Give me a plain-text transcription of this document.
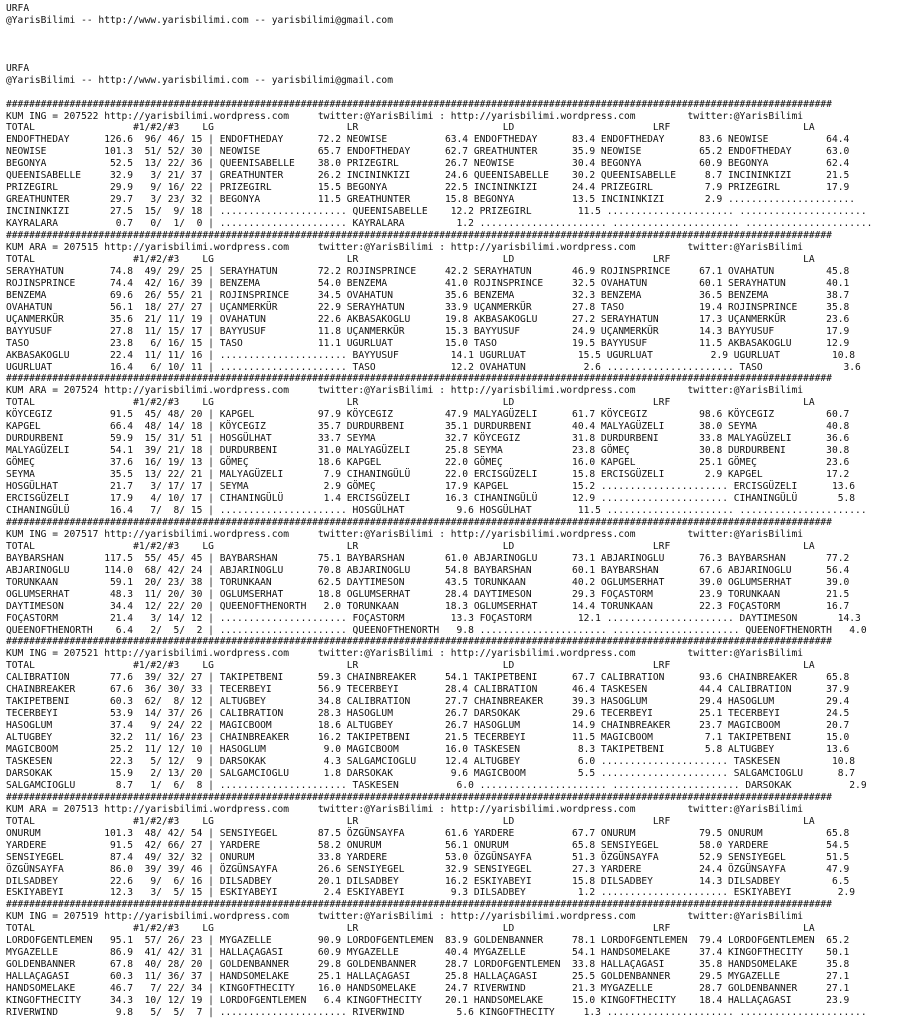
URFA
@YarisBilimi -- http://www.yarisbilimi.com -- yarisbilimi@gmail.com
URFA
@YarisBilimi -- http://www.yarisbilimi.com -- yarisbilimi@gmail.com
###############################################################################################################################################
KUM ING = 207522 http://yarisbilimi.wordpress.com     twitter:@YarisBilimi : http://yarisbilimi.wordpress.com         twitter:@YarisBilimi
TOTAL                 #1/#2/#3    LG                       LR                         LD                        LRF                       LA
ENDOFTHEDAY      126.6  96/ 46/ 15 | ENDOFTHEDAY      72.2 NEOWISE          63.4 ENDOFTHEDAY      83.4 ENDOFTHEDAY      83.6 NEOWISE          64.4
NEOWISE          101.3  51/ 52/ 30 | NEOWISE          65.7 ENDOFTHEDAY      62.7 GREATHUNTER      35.9 NEOWISE          65.2 ENDOFTHEDAY      63.0
BEGONYA           52.5  13/ 22/ 36 | QUEENISABELLE    38.0 PRIZEGIRL        26.7 NEOWISE          30.4 BEGONYA          60.9 BEGONYA          62.4
QUEENISABELLE     32.9   3/ 21/ 37 | GREATHUNTER      26.2 INCININKIZI      24.6 QUEENISABELLE    30.2 QUEENISABELLE     8.7 INCININKIZI      21.5
PRIZEGIRL         29.9   9/ 16/ 22 | PRIZEGIRL        15.5 BEGONYA          22.5 INCININKIZI      24.4 PRIZEGIRL         7.9 PRIZEGIRL        17.9
GREATHUNTER       29.7   3/ 23/ 32 | BEGONYA          11.5 GREATHUNTER      15.8 BEGONYA          13.5 INCININKIZI       2.9 ......................
INCININKIZI       27.5  15/  9/ 18 | ...................... QUEENISABELLE    12.2 PRIZEGIRL        11.5 ...................... ......................
KAYRALARA          0.7   0/  1/  0 | ...................... KAYRALARA         1.2 ...................... ...................... ......................
###############################################################################################################################################
KUM ARA = 207515 http://yarisbilimi.wordpress.com     twitter:@YarisBilimi : http://yarisbilimi.wordpress.com         twitter:@YarisBilimi
TOTAL                 #1/#2/#3    LG                       LR                         LD                        LRF                       LA
SERAYHATUN        74.8  49/ 29/ 25 | SERAYHATUN       72.2 ROJINSPRINCE     42.2 SERAYHATUN       46.9 ROJINSPRINCE     67.1 OVAHATUN         45.8
ROJINSPRINCE      74.4  42/ 16/ 39 | BENZEMA          54.0 BENZEMA          41.0 ROJINSPRINCE     32.5 OVAHATUN         60.1 SERAYHATUN       40.1
BENZEMA           69.6  26/ 55/ 21 | ROJINSPRINCE     34.5 OVAHATUN         35.6 BENZEMA          32.3 BENZEMA          36.5 BENZEMA          38.7
OVAHATUN          56.1  18/ 27/ 27 | UÇANMERKÜR       22.9 SERAYHATUN       33.9 UÇANMERKÜR       27.8 TASO             19.4 ROJINSPRINCE     35.8
UÇANMERKÜR        35.6  21/ 11/ 19 | OVAHATUN         22.6 AKBASAKOGLU      19.8 AKBASAKOGLU      27.2 SERAYHATUN       17.3 UÇANMERKÜR       23.6
BAYYUSUF          27.8  11/ 15/ 17 | BAYYUSUF         11.8 UÇANMERKÜR       15.3 BAYYUSUF         24.9 UÇANMERKÜR       14.3 BAYYUSUF         17.9
TASO              23.8   6/ 16/ 15 | TASO             11.1 UGURLUAT         15.0 TASO             19.5 BAYYUSUF         11.5 AKBASAKOGLU      12.9
AKBASAKOGLU       22.4  11/ 11/ 16 | ...................... BAYYUSUF         14.1 UGURLUAT         15.5 UGURLUAT          2.9 UGURLUAT         10.8
UGURLUAT          16.4   6/ 10/ 11 | ...................... TASO             12.2 OVAHATUN          2.6 ...................... TASO              3.6
###############################################################################################################################################
KUM ARA = 207524 http://yarisbilimi.wordpress.com     twitter:@YarisBilimi : http://yarisbilimi.wordpress.com         twitter:@YarisBilimi
TOTAL                 #1/#2/#3    LG                       LR                         LD                        LRF                       LA
KÖYCEGIZ          91.5  45/ 48/ 20 | KAPGEL           97.9 KÖYCEGIZ         47.9 MALYAGÜZELI      61.7 KÖYCEGIZ         98.6 KÖYCEGIZ         60.7
KAPGEL            66.4  48/ 14/ 18 | KÖYCEGIZ         35.7 DURDURBENI       35.1 DURDURBENI       40.4 MALYAGÜZELI      38.0 SEYMA            40.8
DURDURBENI        59.9  15/ 31/ 51 | HOSGÜLHAT        33.7 SEYMA            32.7 KÖYCEGIZ         31.8 DURDURBENI       33.8 MALYAGÜZELI      36.6
MALYAGÜZELI       54.1  39/ 21/ 18 | DURDURBENI       31.0 MALYAGÜZELI      25.8 SEYMA            23.8 GÖMEÇ            30.8 DURDURBENI       30.8
GÖMEÇ             37.6  16/ 19/ 13 | GÖMEÇ            18.6 KAPGEL           22.0 GÖMEÇ            16.0 KAPGEL           25.1 GÖMEÇ            23.6
SEYMA             35.5  13/ 22/ 21 | MALYAGÜZELI       7.9 CIHANINGÜLÜ      22.0 ERCISGÜZELI      15.8 ERCISGÜZELI       2.9 KAPGEL           17.2
HOSGÜLHAT         21.7   3/ 17/ 17 | SEYMA             2.9 GÖMEÇ            17.9 KAPGEL           15.2 ...................... ERCISGÜZELI      13.6
ERCISGÜZELI       17.9   4/ 10/ 17 | CIHANINGÜLÜ       1.4 ERCISGÜZELI      16.3 CIHANINGÜLÜ      12.9 ...................... CIHANINGÜLÜ       5.8
CIHANINGÜLÜ       16.4   7/  8/ 15 | ...................... HOSGÜLHAT         9.6 HOSGÜLHAT        11.5 ...................... ......................
###############################################################################################################################################
KUM ING = 207517 http://yarisbilimi.wordpress.com     twitter:@YarisBilimi : http://yarisbilimi.wordpress.com         twitter:@YarisBilimi
TOTAL                 #1/#2/#3    LG                       LR                         LD                        LRF                       LA
BAYBARSHAN       117.5  55/ 45/ 45 | BAYBARSHAN       75.1 BAYBARSHAN       61.0 ABJARINOGLU      73.1 ABJARINOGLU      76.3 BAYBARSHAN       77.2
ABJARINOGLU      114.0  68/ 42/ 24 | ABJARINOGLU      70.8 ABJARINOGLU      54.8 BAYBARSHAN       60.1 BAYBARSHAN       67.6 ABJARINOGLU      56.4
TORUNKAAN         59.1  20/ 23/ 38 | TORUNKAAN        62.5 DAYTIMESON       43.5 TORUNKAAN        40.2 OGLUMSERHAT      39.0 OGLUMSERHAT      39.0
OGLUMSERHAT       48.3  11/ 20/ 30 | OGLUMSERHAT      18.8 OGLUMSERHAT      28.4 DAYTIMESON       29.3 FOÇASTORM        23.9 TORUNKAAN        21.5
DAYTIMESON        34.4  12/ 22/ 20 | QUEENOFTHENORTH   2.0 TORUNKAAN        18.3 OGLUMSERHAT      14.4 TORUNKAAN        22.3 FOÇASTORM        16.7
FOÇASTORM         21.4   3/ 14/ 12 | ...................... FOÇASTORM        13.3 FOÇASTORM        12.1 ...................... DAYTIMESON       14.3
QUEENOFTHENORTH    6.4   2/  5/  2 | ...................... QUEENOFTHENORTH   9.8 ...................... ...................... QUEENOFTHENORTH   4.0
###############################################################################################################################################
KUM ING = 207521 http://yarisbilimi.wordpress.com     twitter:@YarisBilimi : http://yarisbilimi.wordpress.com         twitter:@YarisBilimi
TOTAL                 #1/#2/#3    LG                       LR                         LD                        LRF                       LA
CALIBRATION       77.6  39/ 32/ 27 | TAKIPETBENI      59.3 CHAINBREAKER     54.1 TAKIPETBENI      67.7 CALIBRATION      93.6 CHAINBREAKER     65.8
CHAINBREAKER      67.6  36/ 30/ 33 | TECERBEYI        56.9 TECERBEYI        28.4 CALIBRATION      46.4 TASKESEN         44.4 CALIBRATION      37.9
TAKIPETBENI       60.3  62/  8/ 12 | ALTUGBEY         34.8 CALIBRATION      27.7 CHAINBREAKER     39.3 HASOGLUM         29.4 HASOGLUM         29.4
TECERBEYI         53.9  14/ 37/ 26 | CALIBRATION      28.3 HASOGLUM         26.7 DARSOKAK         29.6 TECERBEYI        25.1 TECERBEYI        24.5
HASOGLUM          37.4   9/ 24/ 22 | MAGICBOOM        18.6 ALTUGBEY         26.7 HASOGLUM         14.9 CHAINBREAKER     23.7 MAGICBOOM        20.7
ALTUGBEY          32.2  11/ 16/ 23 | CHAINBREAKER     16.2 TAKIPETBENI      21.5 TECERBEYI        11.5 MAGICBOOM         7.1 TAKIPETBENI      15.0
MAGICBOOM         25.2  11/ 12/ 10 | HASOGLUM          9.0 MAGICBOOM        16.0 TASKESEN          8.3 TAKIPETBENI       5.8 ALTUGBEY         13.6
TASKESEN          22.3   5/ 12/  9 | DARSOKAK          4.3 SALGAMCIOGLU     12.4 ALTUGBEY          6.0 ...................... TASKESEN         10.8
DARSOKAK          15.9   2/ 13/ 20 | SALGAMCIOGLU      1.8 DARSOKAK          9.6 MAGICBOOM         5.5 ...................... SALGAMCIOGLU      8.7
SALGAMCIOGLU       8.7   1/  6/  8 | ...................... TASKESEN          6.0 ...................... ...................... DARSOKAK          2.9
###############################################################################################################################################
KUM ARA = 207513 http://yarisbilimi.wordpress.com     twitter:@YarisBilimi : http://yarisbilimi.wordpress.com         twitter:@YarisBilimi
TOTAL                 #1/#2/#3    LG                       LR                         LD                        LRF                       LA
ONURUM           101.3  48/ 42/ 54 | SENSIYEGEL       87.5 ÖZGÜNSAYFA       61.6 YARDERE          67.7 ONURUM           79.5 ONURUM           65.8
YARDERE           91.5  42/ 66/ 27 | YARDERE          58.2 ONURUM           56.1 ONURUM           65.8 SENSIYEGEL       58.0 YARDERE          54.5
SENSIYEGEL        87.4  49/ 32/ 32 | ONURUM           33.8 YARDERE          53.0 ÖZGÜNSAYFA       51.3 ÖZGÜNSAYFA       52.9 SENSIYEGEL       51.5
ÖZGÜNSAYFA        86.0  39/ 39/ 46 | ÖZGÜNSAYFA       26.6 SENSIYEGEL       32.9 SENSIYEGEL       27.3 YARDERE          24.4 ÖZGÜNSAYFA       47.9
DILSADBEY         22.6   9/  6/ 16 | DILSADBEY        20.1 DILSADBEY        16.2 ESKIYABEYI       15.8 DILSADBEY        14.3 DILSADBEY         6.5
ESKIYABEYI        12.3   3/  5/ 15 | ESKIYABEYI        2.4 ESKIYABEYI        9.3 DILSADBEY         1.2 ...................... ESKIYABEYI        2.9
###############################################################################################################################################
KUM ING = 207519 http://yarisbilimi.wordpress.com     twitter:@YarisBilimi : http://yarisbilimi.wordpress.com         twitter:@YarisBilimi
TOTAL                 #1/#2/#3    LG                       LR                         LD                        LRF                       LA
LORDOFGENTLEMEN   95.1  57/ 26/ 23 | MYGAZELLE        90.9 LORDOFGENTLEMEN  83.9 GOLDENBANNER     78.1 LORDOFGENTLEMEN  79.4 LORDOFGENTLEMEN  65.2
MYGAZELLE         86.9  41/ 42/ 31 | HALLAÇAGASI      60.9 MYGAZELLE        40.4 MYGAZELLE        54.1 HANDSOMELAKE     37.4 KINGOFTHECITY    50.1
GOLDENBANNER      67.8  40/ 28/ 20 | GOLDENBANNER     29.8 GOLDENBANNER     28.7 LORDOFGENTLEMEN  33.8 HALLAÇAGASI      35.8 HANDSOMELAKE     35.8
HALLAÇAGASI       60.3  11/ 36/ 37 | HANDSOMELAKE     25.1 HALLAÇAGASI      25.8 HALLAÇAGASI      25.5 GOLDENBANNER     29.5 MYGAZELLE        27.1
HANDSOMELAKE      46.7   7/ 22/ 34 | KINGOFTHECITY    16.0 HANDSOMELAKE     24.7 RIVERWIND        21.3 MYGAZELLE        28.7 GOLDENBANNER     27.1
KINGOFTHECITY     34.3  10/ 12/ 19 | LORDOFGENTLEMEN   6.4 KINGOFTHECITY    20.1 HANDSOMELAKE     15.0 KINGOFTHECITY    18.4 HALLAÇAGASI      23.9
RIVERWIND          9.8   5/  5/  7 | ...................... RIVERWIND         5.6 KINGOFTHECITY     1.3 ...................... ......................
